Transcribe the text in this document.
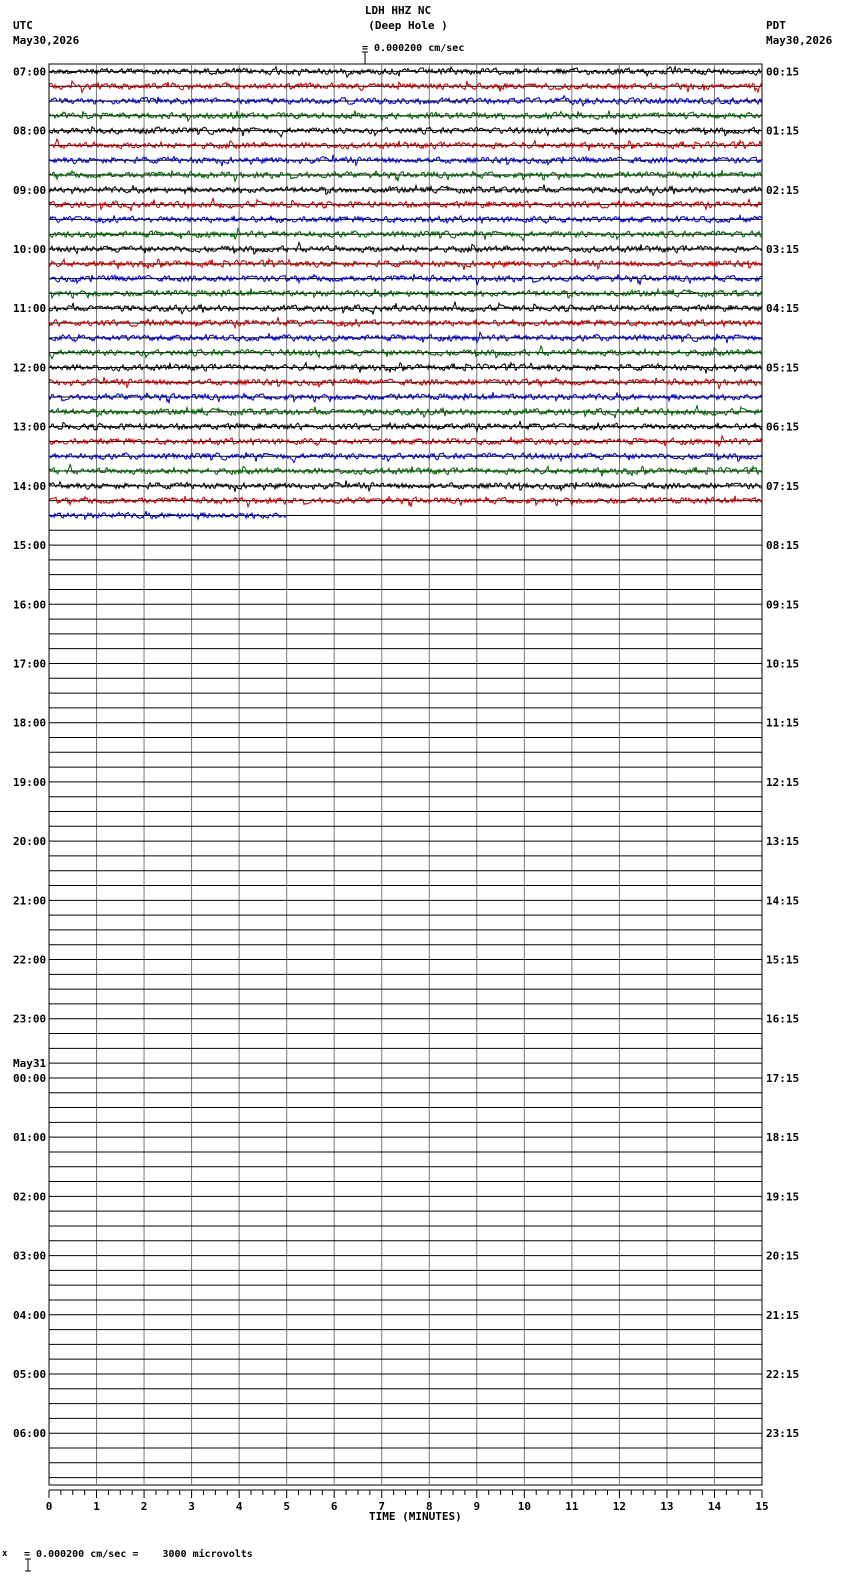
LDH HHZ NC
(Deep Hole )
UTC
May30,2026
PDT
May30,2026

= 0.000200 cm/sec
0	1	2	3	4	5	6	7	8	9	10	11	12	13	14	15
07:00
08:00
09:00
10:00
11:00
12:00
13:00
14:00
15:00
16:00
17:00
18:00
19:00
20:00
21:00
22:00
23:00
00:00
01:00
02:00
03:00
04:00
05:00
06:00
May31
00:15
01:15
02:15
03:15
04:15
05:15
06:15
07:15
08:15
09:15
10:15
11:15
12:15
13:15
14:15
15:15
16:15
17:15
18:15
19:15
20:15
21:15
22:15
23:15
TIME (MINUTES)
x

= 0.000200 cm/sec =    3000 microvolts
